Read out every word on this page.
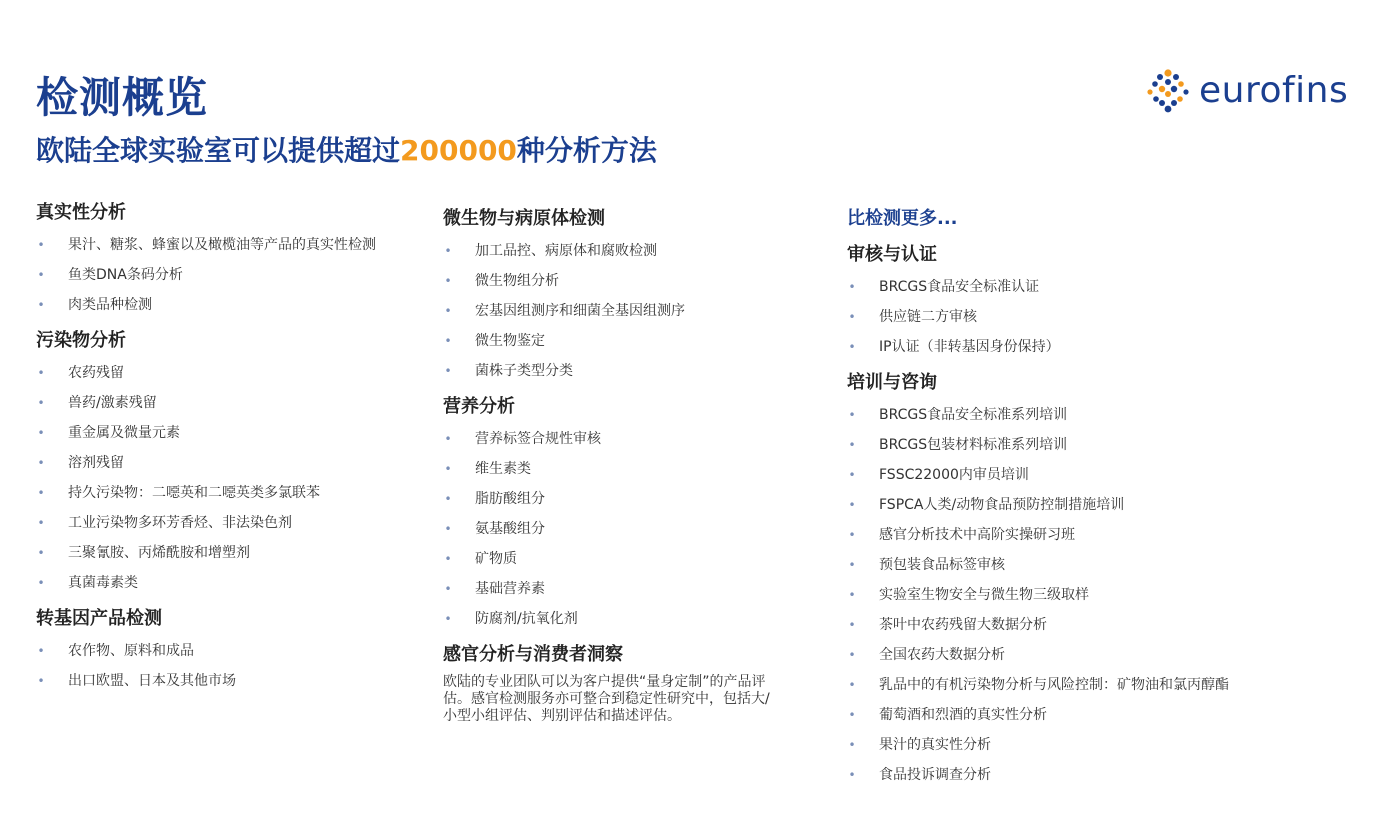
检测概览
欧陆全球实验室可以提供超过200000种分析方法
eurofins
真实性分析
• 果汁、糖浆、蜂蜜以及橄榄油等产品的真实性检测
• 鱼类DNA条码分析
• 肉类品种检测
污染物分析
• 农药残留
• 兽药/激素残留
• 重金属及微量元素
• 溶剂残留
• 持久污染物：二噁英和二噁英类多氯联苯
• 工业污染物多环芳香烃、非法染色剂
• 三聚氰胺、丙烯酰胺和增塑剂
• 真菌毒素类
转基因产品检测
• 农作物、原料和成品
• 出口欧盟、日本及其他市场
微生物与病原体检测
• 加工品控、病原体和腐败检测
• 微生物组分析
• 宏基因组测序和细菌全基因组测序
• 微生物鉴定
• 菌株子类型分类
营养分析
• 营养标签合规性审核
• 维生素类
• 脂肪酸组分
• 氨基酸组分
• 矿物质
• 基础营养素
• 防腐剂/抗氧化剂
感官分析与消费者洞察
欧陆的专业团队可以为客户提供“量身定制”的产品评估。感官检测服务亦可整合到稳定性研究中，包括大/小型小组评估、判别评估和描述评估。
比检测更多...
审核与认证
• BRCGS食品安全标准认证
• 供应链二方审核
• IP认证（非转基因身份保持）
培训与咨询
• BRCGS食品安全标准系列培训
• BRCGS包装材料标准系列培训
• FSSC22000内审员培训
• FSPCA人类/动物食品预防控制措施培训
• 感官分析技术中高阶实操研习班
• 预包装食品标签审核
• 实验室生物安全与微生物三级取样
• 茶叶中农药残留大数据分析
• 全国农药大数据分析
• 乳品中的有机污染物分析与风险控制：矿物油和氯丙醇酯
• 葡萄酒和烈酒的真实性分析
• 果汁的真实性分析
• 食品投诉调查分析
